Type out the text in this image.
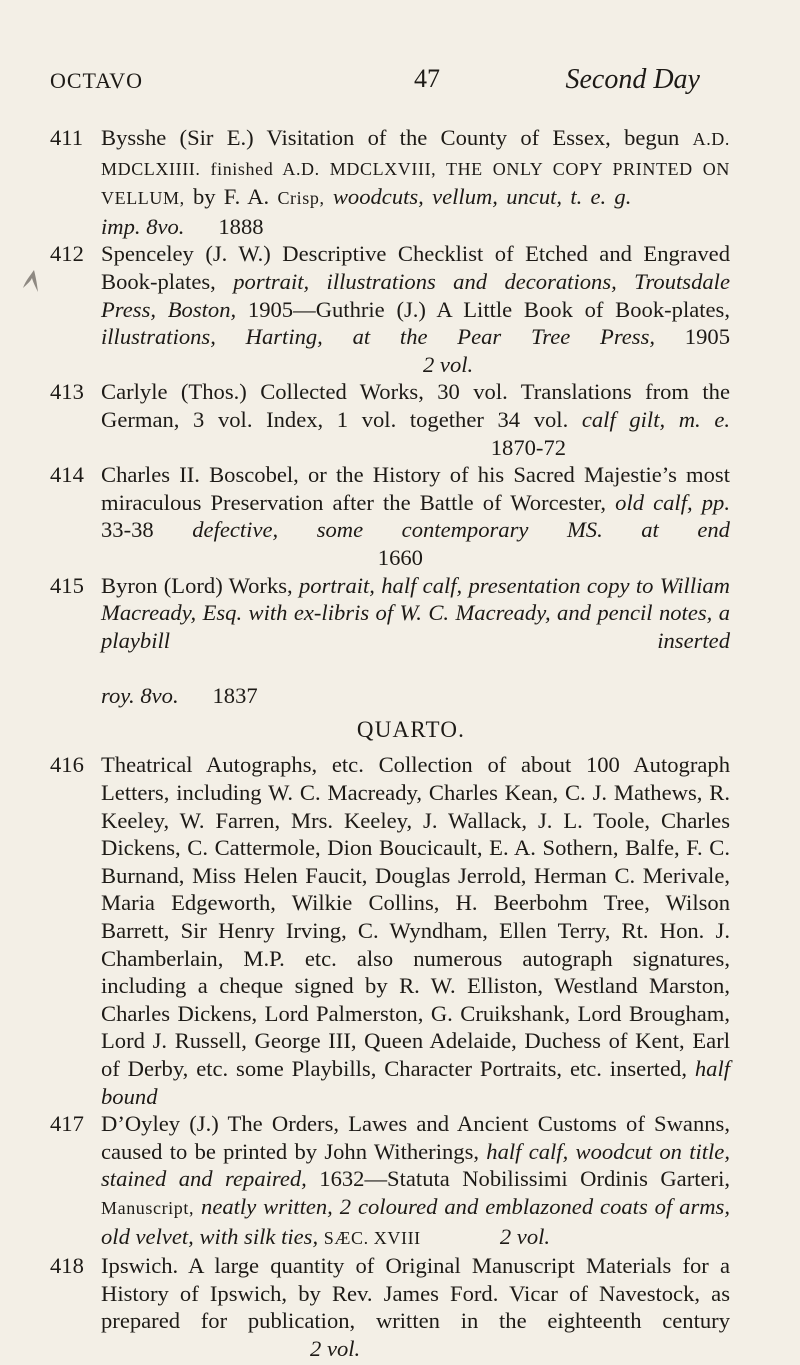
OCTAVO	47	Second Day
411 Bysshe (Sir E.) Visitation of the County of Essex, begun A.D. MDCLXIIII. finished A.D. MDCLXVIII, THE ONLY COPY PRINTED ON VELLUM, by F. A. Crisp, woodcuts, vellum, uncut, t. e. g.      imp. 8vo.   1888
412 Spenceley (J. W.) Descriptive Checklist of Etched and Engraved Book-plates, portrait, illustrations and decorations, Troutsdale Press, Boston, 1905—Guthrie (J.) A Little Book of Book-plates, illustrations, Harting, at the Pear Tree Press, 1905                2 vol.
413 Carlyle (Thos.) Collected Works, 30 vol. Translations from the German, 3 vol. Index, 1 vol. together 34 vol. calf gilt, m. e.                   1870-72
414 Charles II. Boscobel, or the History of his Sacred Majestie’s most miraculous Preservation after the Battle of Worcester, old calf, pp. 33-38 defective, some contemporary MS. at end              1660
415 Byron (Lord) Works, portrait, half calf, presentation copy to William Macready, Esq. with ex-libris of W. C. Macready, and pencil notes, a playbill inserted                              roy. 8vo.   1837
QUARTO.
416 Theatrical Autographs, etc. Collection of about 100 Autograph Letters, including W. C. Macready, Charles Kean, C. J. Mathews, R. Keeley, W. Farren, Mrs. Keeley, J. Wallack, J. L. Toole, Charles Dickens, C. Cattermole, Dion Boucicault, E. A. Sothern, Balfe, F. C. Burnand, Miss Helen Faucit, Douglas Jerrold, Herman C. Merivale, Maria Edgeworth, Wilkie Collins, H. Beerbohm Tree, Wilson Barrett, Sir Henry Irving, C. Wyndham, Ellen Terry, Rt. Hon. J. Chamberlain, M.P. etc. also numerous autograph signatures, including a cheque signed by R. W. Elliston, Westland Marston, Charles Dickens, Lord Palmerston, G. Cruikshank, Lord Brougham, Lord J. Russell, George III, Queen Adelaide, Duchess of Kent, Earl of Derby, etc. some Playbills, Character Portraits, etc. inserted, half bound
417 D’Oyley (J.) The Orders, Lawes and Ancient Customs of Swanns, caused to be printed by John Witherings, half calf, woodcut on title, stained and repaired, 1632—Statuta Nobilissimi Ordinis Garteri, Manuscript, neatly written, 2 coloured and emblazoned coats of arms, old velvet, with silk ties, SÆC. XVIII    	2 vol.
418 Ipswich. A large quantity of Original Manuscript Materials for a History of Ipswich, by Rev. James Ford. Vicar of Navestock, as prepared for publication, written in the eighteenth century           2 vol.
